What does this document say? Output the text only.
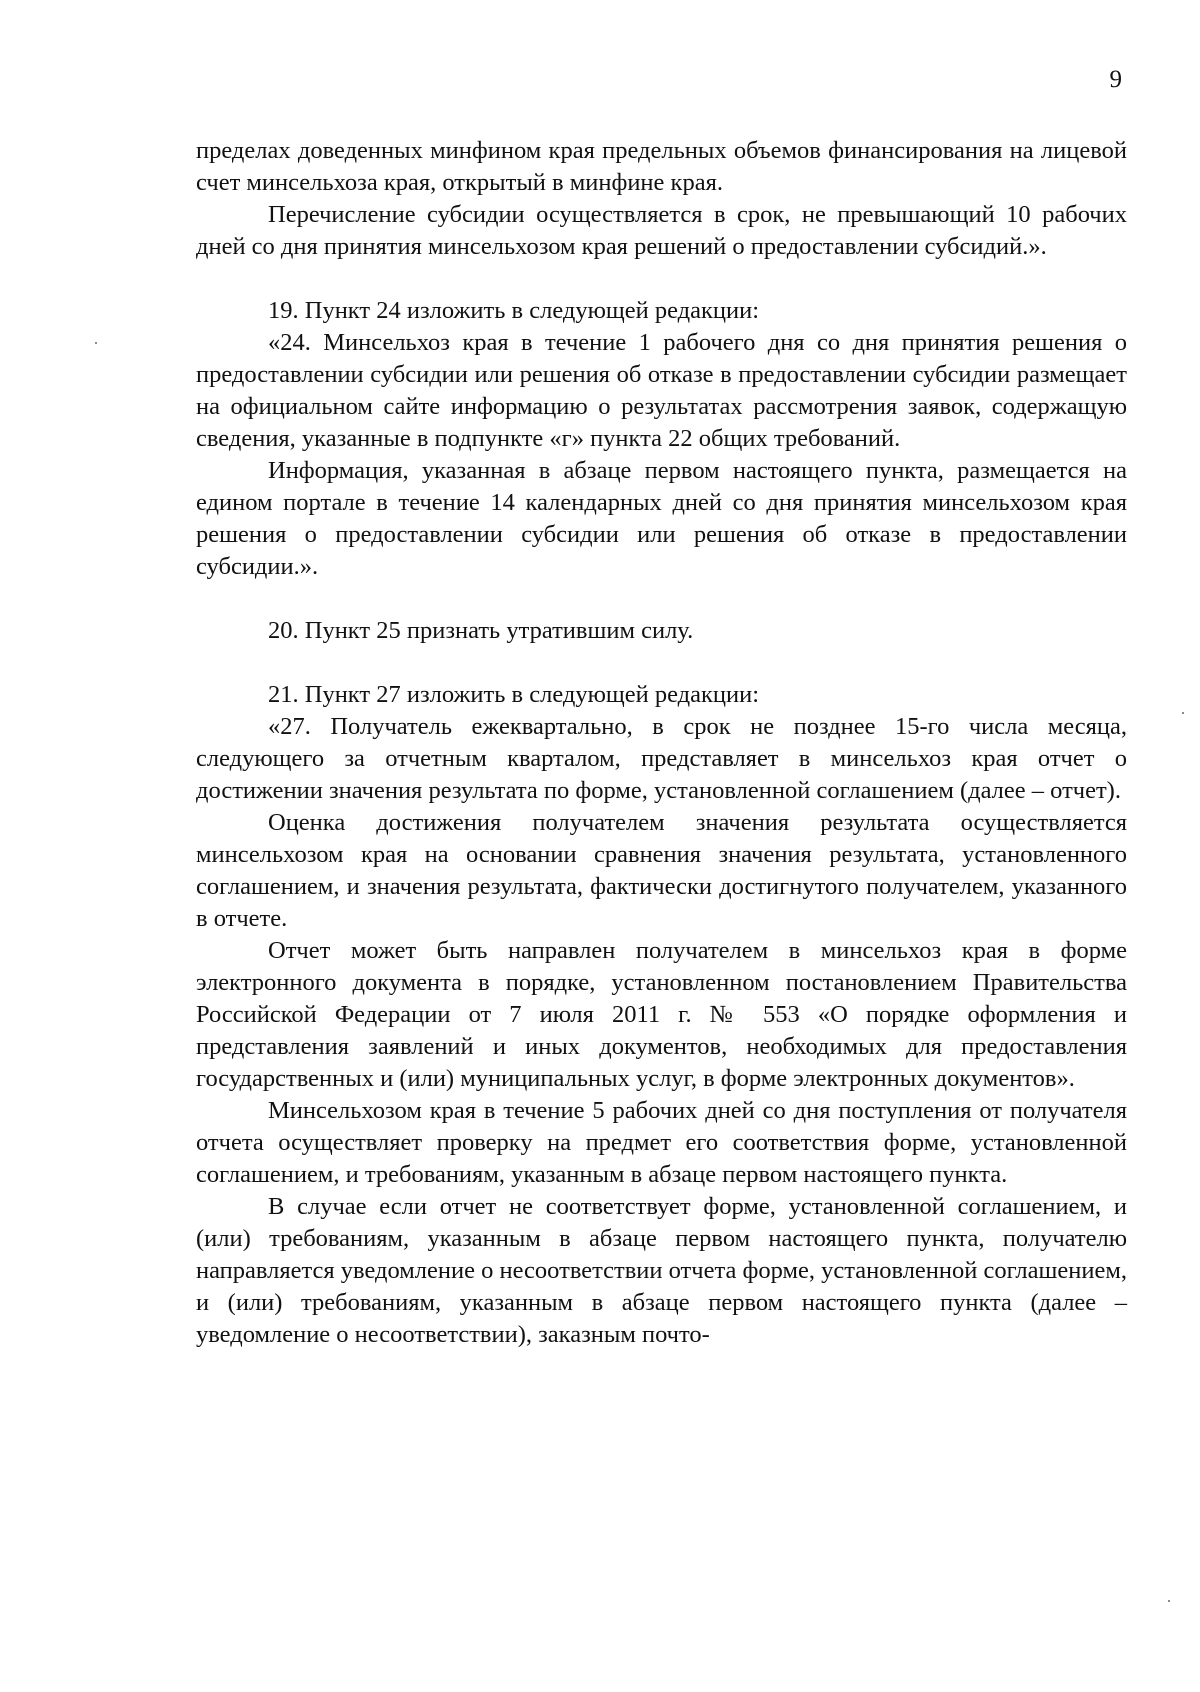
9

пределах доведенных минфином края предельных объемов финансирования на лицевой счет минсельхоза края, открытый в минфине края.

Перечисление субсидии осуществляется в срок, не превышающий 10 рабочих дней со дня принятия минсельхозом края решений о предоставлении субсидий.».

19. Пункт 24 изложить в следующей редакции:

«24. Минсельхоз края в течение 1 рабочего дня со дня принятия решения о предоставлении субсидии или решения об отказе в предоставлении субсидии размещает на официальном сайте информацию о результатах рассмотрения заявок, содержащую сведения, указанные в подпункте «г» пункта 22 общих требований.

Информация, указанная в абзаце первом настоящего пункта, размещается на едином портале в течение 14 календарных дней со дня принятия минсельхозом края решения о предоставлении субсидии или решения об отказе в предоставлении субсидии.».

20. Пункт 25 признать утратившим силу.

21. Пункт 27 изложить в следующей редакции:

«27. Получатель ежеквартально, в срок не позднее 15-го числа месяца, следующего за отчетным кварталом, представляет в минсельхоз края отчет о достижении значения результата по форме, установленной соглашением (далее – отчет).

Оценка достижения получателем значения результата осуществляется минсельхозом края на основании сравнения значения результата, установленного соглашением, и значения результата, фактически достигнутого получателем, указанного в отчете.

Отчет может быть направлен получателем в минсельхоз края в форме электронного документа в порядке, установленном постановлением Правительства Российской Федерации от 7 июля 2011 г. № 553 «О порядке оформления и представления заявлений и иных документов, необходимых для предоставления государственных и (или) муниципальных услуг, в форме электронных документов».

Минсельхозом края в течение 5 рабочих дней со дня поступления от получателя отчета осуществляет проверку на предмет его соответствия форме, установленной соглашением, и требованиям, указанным в абзаце первом настоящего пункта.

В случае если отчет не соответствует форме, установленной соглашением, и (или) требованиям, указанным в абзаце первом настоящего пункта, получателю направляется уведомление о несоответствии отчета форме, установленной соглашением, и (или) требованиям, указанным в абзаце первом настоящего пункта (далее – уведомление о несоответствии), заказным почто-
